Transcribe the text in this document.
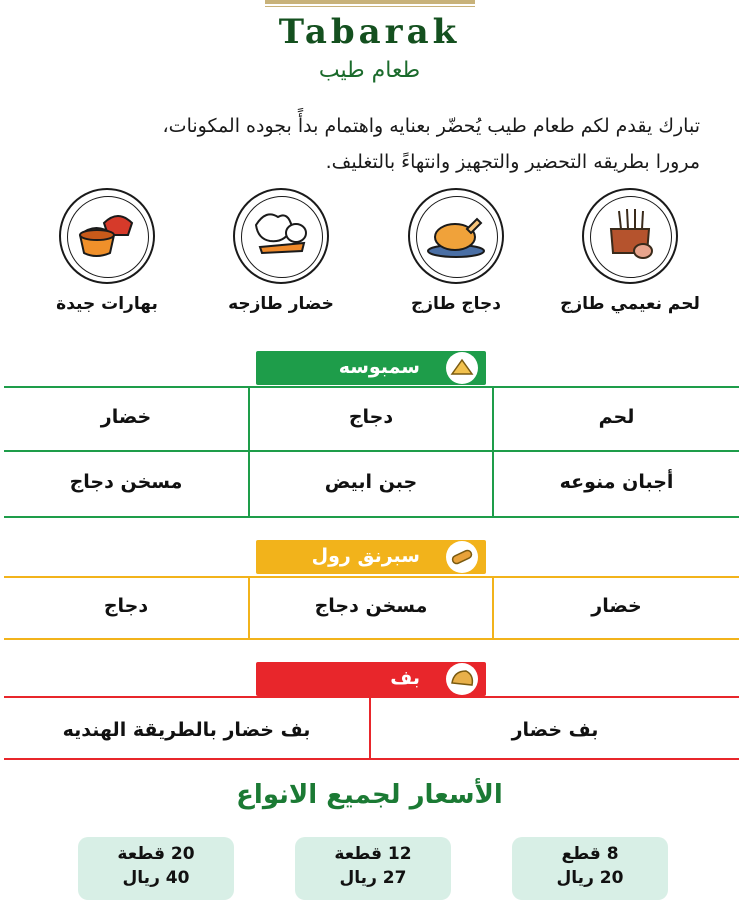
Tabarak
طعام طيب
تبارك يقدم لكم طعام طيب يُحضّر بعنايه واهتمام بدأً بجوده المكونات،
مرورا بطريقه التحضير والتجهيز وانتهاءً بالتغليف.
لحم نعيمي طازج
دجاج طازج
خضار طازجه
بهارات جيدة
سمبوسه
لحم
دجاج
خضار
أجبان منوعه
جبن ابيض
مسخن دجاج
سبرنق رول
خضار
مسخن دجاج
دجاج
بف
بف خضار
بف خضار بالطريقة الهنديه
الأسعار لجميع الانواع
8 قطع
20 ريال
12 قطعة
27 ريال
20 قطعة
40 ريال
